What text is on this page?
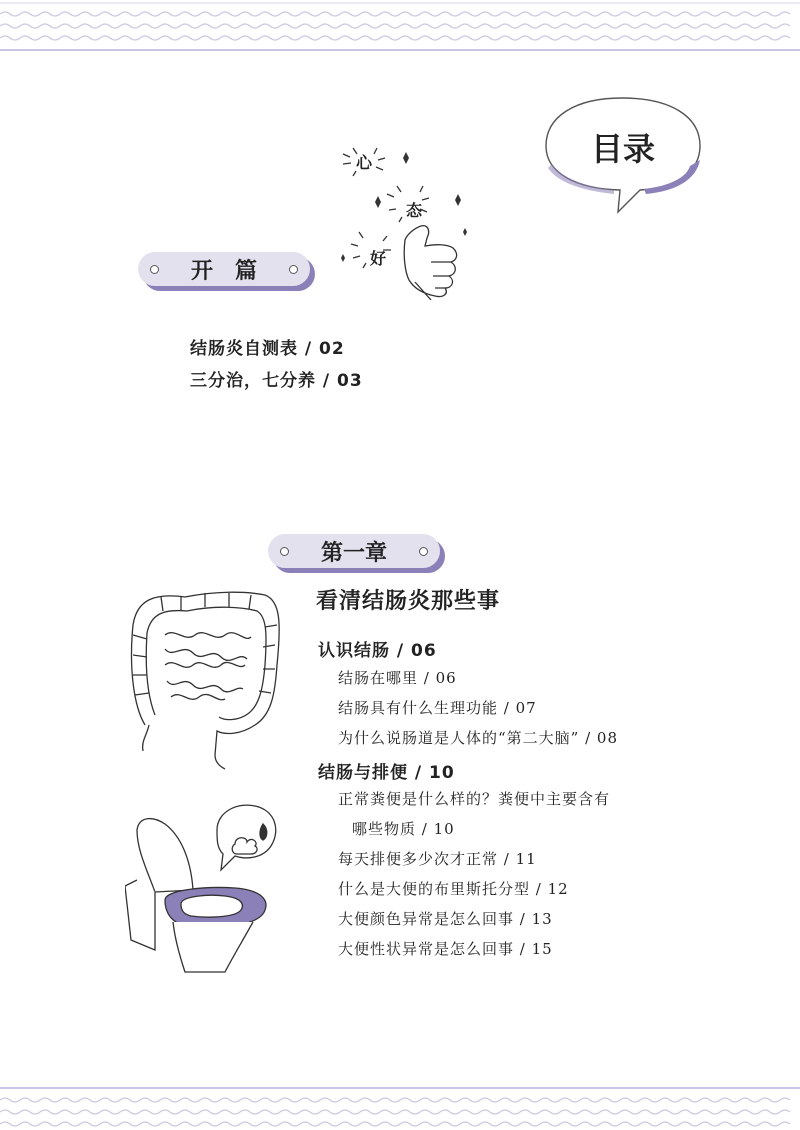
目录
心
态
好
开　篇
结肠炎自测表 / 02
三分治，七分养 / 03
第一章
看清结肠炎那些事
认识结肠 / 06
结肠在哪里 / 06
结肠具有什么生理功能 / 07
为什么说肠道是人体的“第二大脑” / 08
结肠与排便 / 10
正常粪便是什么样的？粪便中主要含有
哪些物质 / 10
每天排便多少次才正常 / 11
什么是大便的布里斯托分型 / 12
大便颜色异常是怎么回事 / 13
大便性状异常是怎么回事 / 15
